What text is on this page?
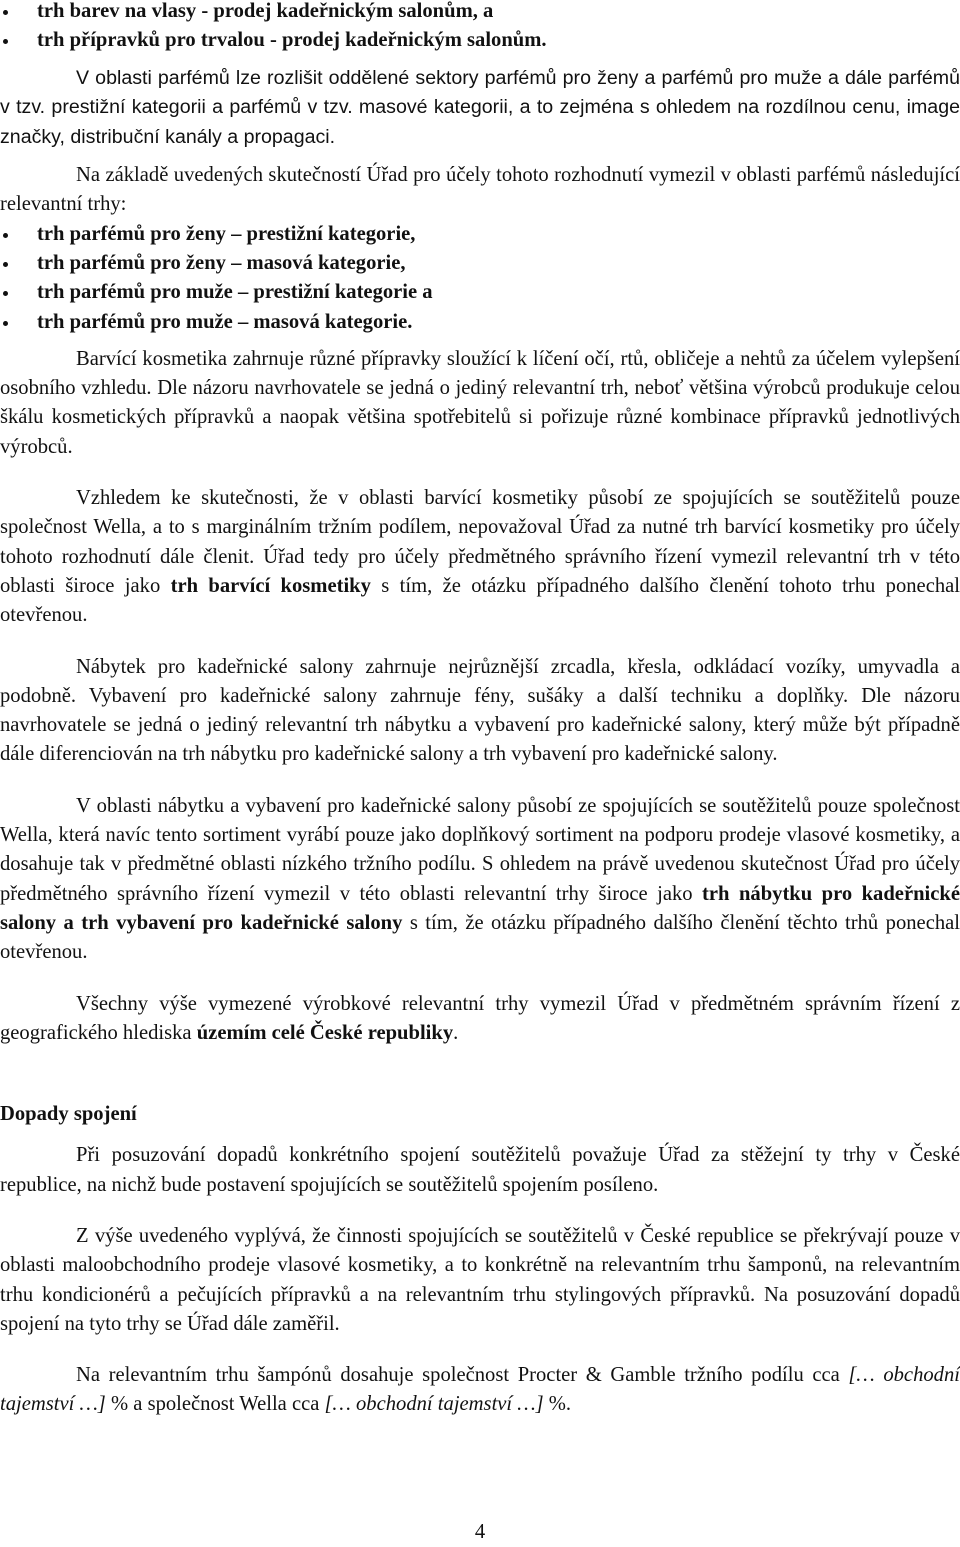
trh barev na vlasy - prodej kadeřnickým salonům, a
trh přípravků pro trvalou - prodej kadeřnickým salonům.

V oblasti parfémů lze rozlišit oddělené sektory parfémů pro ženy a parfémů pro muže a dále parfémů v tzv. prestižní kategorii a parfémů v tzv. masové kategorii, a to zejména s ohledem na rozdílnou cenu, image značky, distribuční kanály a propagaci.

Na základě uvedených skutečností Úřad pro účely tohoto rozhodnutí vymezil v oblasti parfémů následující relevantní trhy:

trh parfémů pro ženy – prestižní kategorie,
trh parfémů pro ženy – masová kategorie,
trh parfémů pro muže – prestižní kategorie a
trh parfémů pro muže – masová kategorie.

Barvící kosmetika zahrnuje různé přípravky sloužící k líčení očí, rtů, obličeje a nehtů za účelem vylepšení osobního vzhledu. Dle názoru navrhovatele se jedná o jediný relevantní trh, neboť většina výrobců produkuje celou škálu kosmetických přípravků a naopak většina spotřebitelů si pořizuje různé kombinace přípravků jednotlivých výrobců.

Vzhledem ke skutečnosti, že v oblasti barvící kosmetiky působí ze spojujících se soutěžitelů pouze společnost Wella, a to s marginálním tržním podílem, nepovažoval Úřad za nutné trh barvící kosmetiky pro účely tohoto rozhodnutí dále členit. Úřad tedy pro účely předmětného správního řízení vymezil relevantní trh v této oblasti široce jako trh barvící kosmetiky s tím, že otázku případného dalšího členění tohoto trhu ponechal otevřenou.

Nábytek pro kadeřnické salony zahrnuje nejrůznější zrcadla, křesla, odkládací vozíky, umyvadla a podobně. Vybavení pro kadeřnické salony zahrnuje fény, sušáky a další techniku a doplňky. Dle názoru navrhovatele se jedná o jediný relevantní trh nábytku a vybavení pro kadeřnické salony, který může být případně dále diferenciován na trh nábytku pro kadeřnické salony a trh vybavení pro kadeřnické salony.

V oblasti nábytku a vybavení pro kadeřnické salony působí ze spojujících se soutěžitelů pouze společnost Wella, která navíc tento sortiment vyrábí pouze jako doplňkový sortiment na podporu prodeje vlasové kosmetiky, a dosahuje tak v předmětné oblasti nízkého tržního podílu. S ohledem na právě uvedenou skutečnost Úřad pro účely předmětného správního řízení vymezil v této oblasti relevantní trhy široce jako trh nábytku pro kadeřnické salony a trh vybavení pro kadeřnické salony s tím, že otázku případného dalšího členění těchto trhů ponechal otevřenou.

Všechny výše vymezené výrobkové relevantní trhy vymezil Úřad v předmětném správním řízení z geografického hlediska územím celé České republiky.

Dopady spojení

Při posuzování dopadů konkrétního spojení soutěžitelů považuje Úřad za stěžejní ty trhy v České republice, na nichž bude postavení spojujících se soutěžitelů spojením posíleno.

Z výše uvedeného vyplývá, že činnosti spojujících se soutěžitelů v České republice se překrývají pouze v oblasti maloobchodního prodeje vlasové kosmetiky, a to konkrétně na relevantním trhu šamponů, na relevantním trhu kondicionérů a pečujících přípravků a na relevantním trhu stylingových přípravků. Na posuzování dopadů spojení na tyto trhy se Úřad dále zaměřil.

Na relevantním trhu šampónů dosahuje společnost Procter & Gamble tržního podílu cca [… obchodní tajemství …] % a společnost Wella cca [… obchodní tajemství …] %.

4
